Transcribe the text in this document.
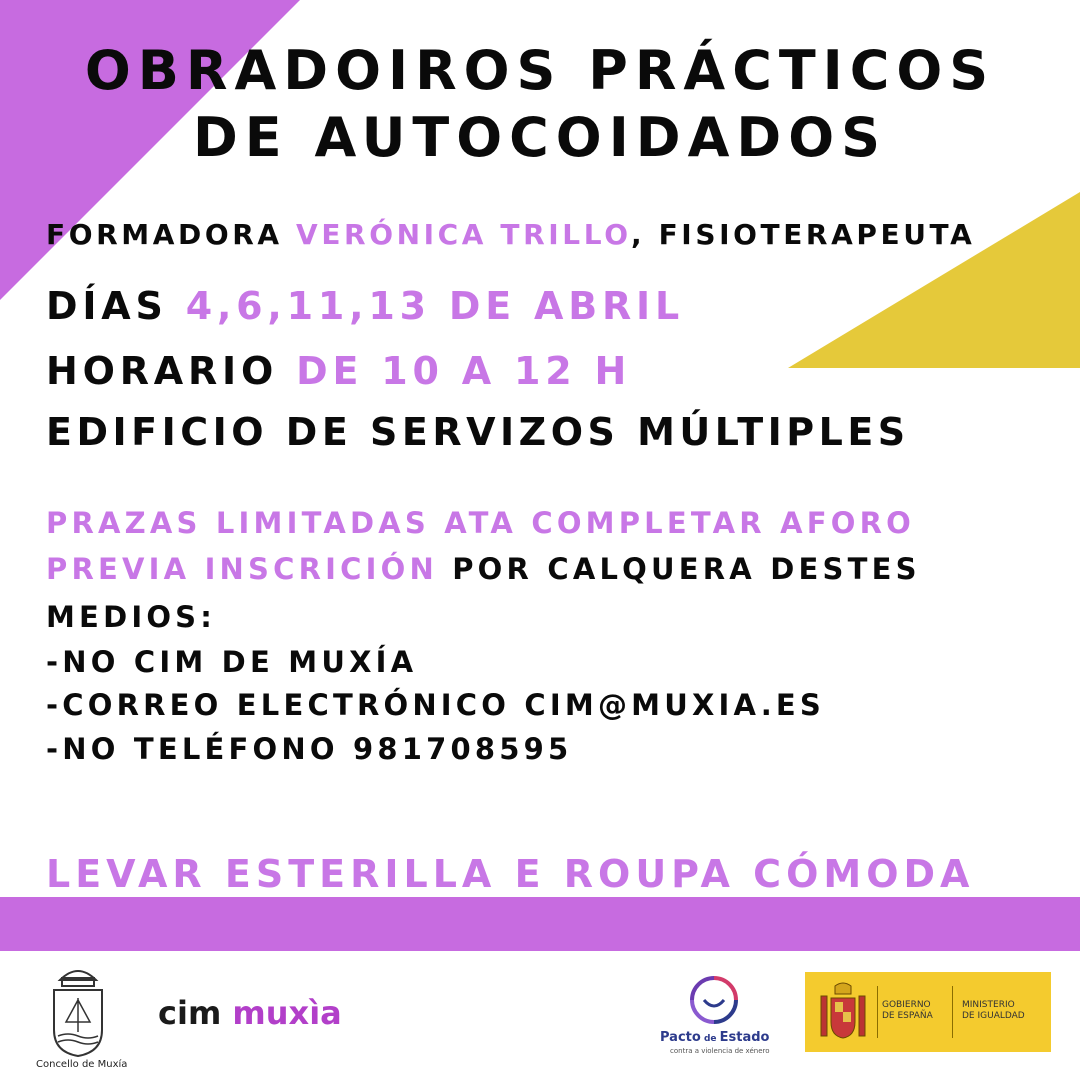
OBRADOIROS PRÁCTICOS
DE AUTOCOIDADOS
FORMADORA VERÓNICA TRILLO, FISIOTERAPEUTA
DÍAS 4,6,11,13 DE ABRIL
HORARIO DE 10 A 12 H
EDIFICIO DE SERVIZOS MÚLTIPLES
PRAZAS LIMITADAS ATA COMPLETAR AFORO
PREVIA INSCRICIÓN POR CALQUERA DESTES
MEDIOS:
-NO CIM DE MUXÍA
-CORREO ELECTRÓNICO CIM@MUXIA.ES
-NO TELÉFONO 981708595
LEVAR ESTERILLA E ROUPA CÓMODA
Concello de Muxía
cim muxìa
Pacto de Estado
contra a violencia de xénero
GOBIERNO
DE ESPAÑA
MINISTERIO
DE IGUALDAD
